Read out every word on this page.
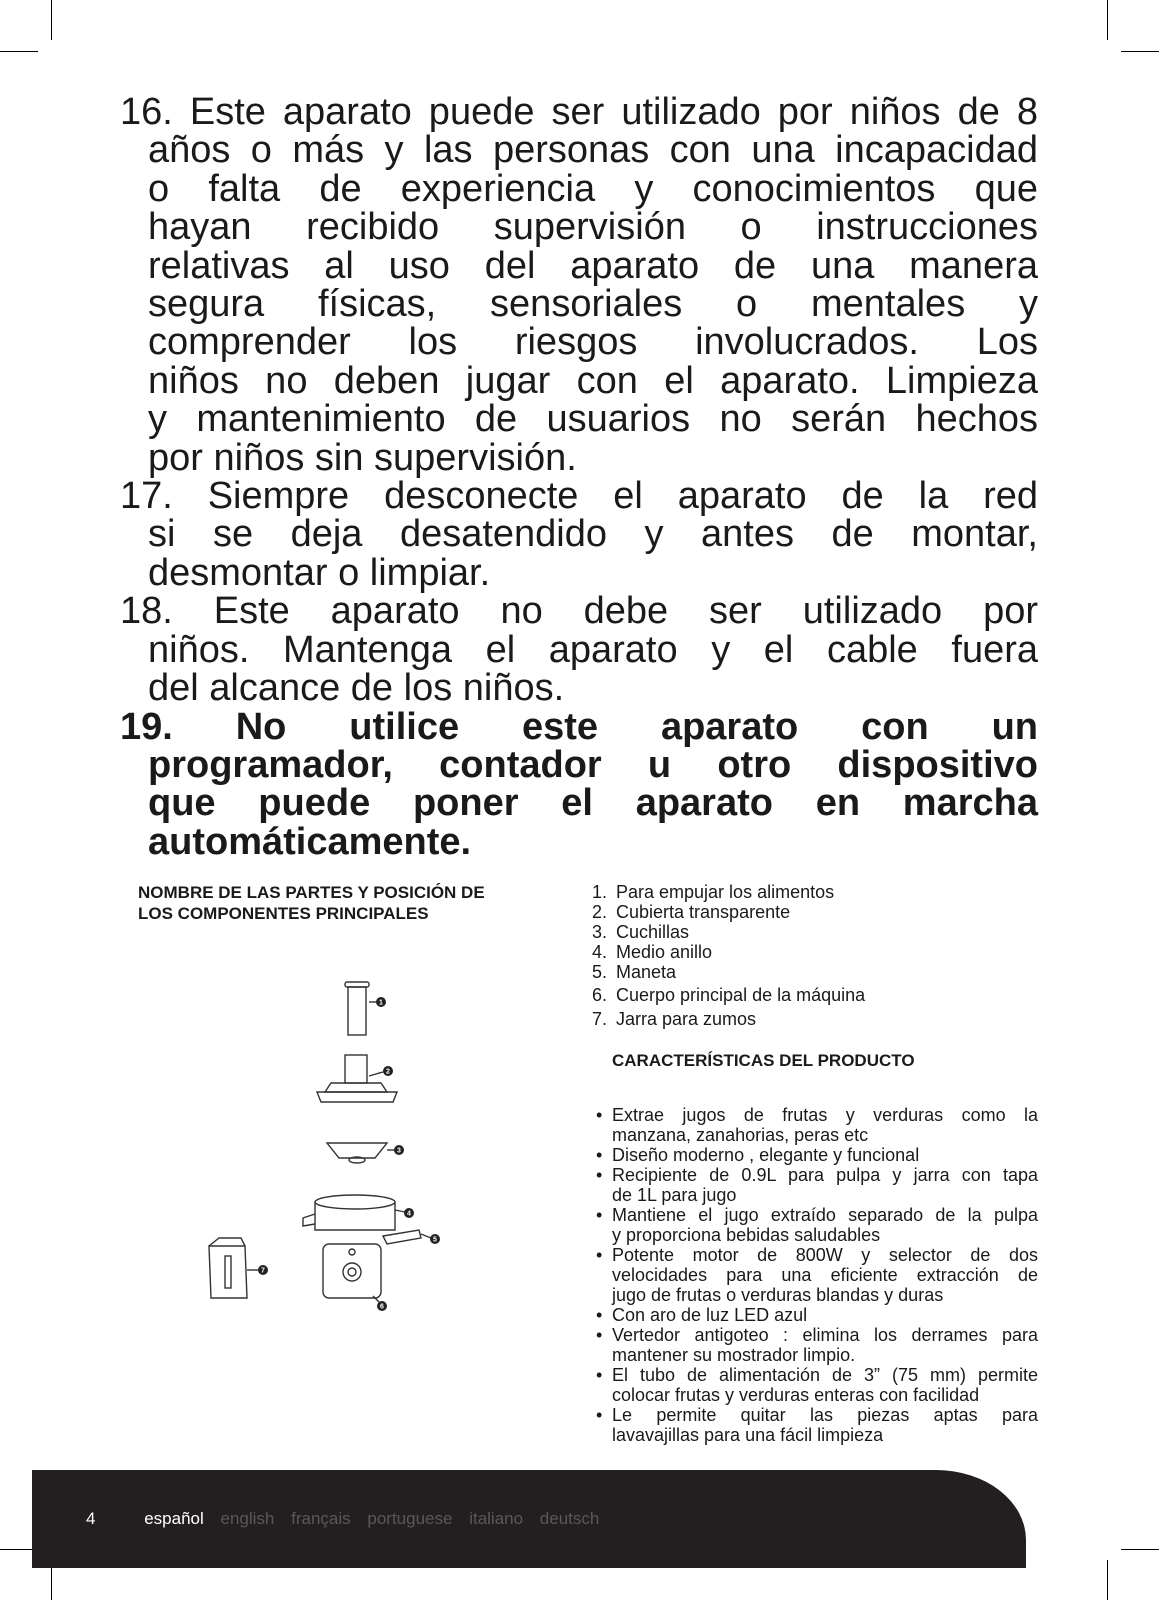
16. Este aparato puede ser utilizado por niños de 8
años o más y las personas con una incapacidad
o falta de experiencia y conocimientos que
hayan recibido supervisión o instrucciones
relativas al uso del aparato de una manera
segura físicas, sensoriales o mentales y
comprender los riesgos involucrados. Los
niños no deben jugar con el aparato. Limpieza
y mantenimiento de usuarios no serán hechos
por niños sin supervisión.
17. Siempre desconecte el aparato de la red
si se deja desatendido y antes de montar,
desmontar o limpiar.
18. Este aparato no debe ser utilizado por
niños. Mantenga el aparato y el cable fuera
del alcance de los niños.
19. No utilice este aparato con un
programador, contador u otro dispositivo
que puede poner el aparato en marcha
automáticamente.
NOMBRE DE LAS PARTES Y POSICIÓN DE
LOS COMPONENTES PRINCIPALES
1. Para empujar los alimentos
2. Cubierta transparente
3. Cuchillas
4. Medio anillo
5. Maneta
6. Cuerpo principal de la máquina
7. Jarra para zumos
CARACTERÍSTICAS DEL PRODUCTO
• Extrae jugos de frutas y verduras como la
manzana, zanahorias, peras etc
• Diseño moderno , elegante y funcional
• Recipiente de 0.9L para pulpa y jarra con tapa
de 1L para jugo
• Mantiene el jugo extraído separado de la pulpa
y proporciona bebidas saludables
• Potente motor de 800W y selector de dos
velocidades para una eficiente extracción de
jugo de frutas o verduras blandas y duras
• Con aro de luz LED azul
• Vertedor antigoteo : elimina los derrames para
mantener su mostrador limpio.
• El tubo de alimentación de 3” (75 mm) permite
colocar frutas y verduras enteras con facilidad
• Le permite quitar las piezas aptas para
lavavajillas para una fácil limpieza
1
2
3
4
5
6
7
4	español english français portuguese italiano deutsch
